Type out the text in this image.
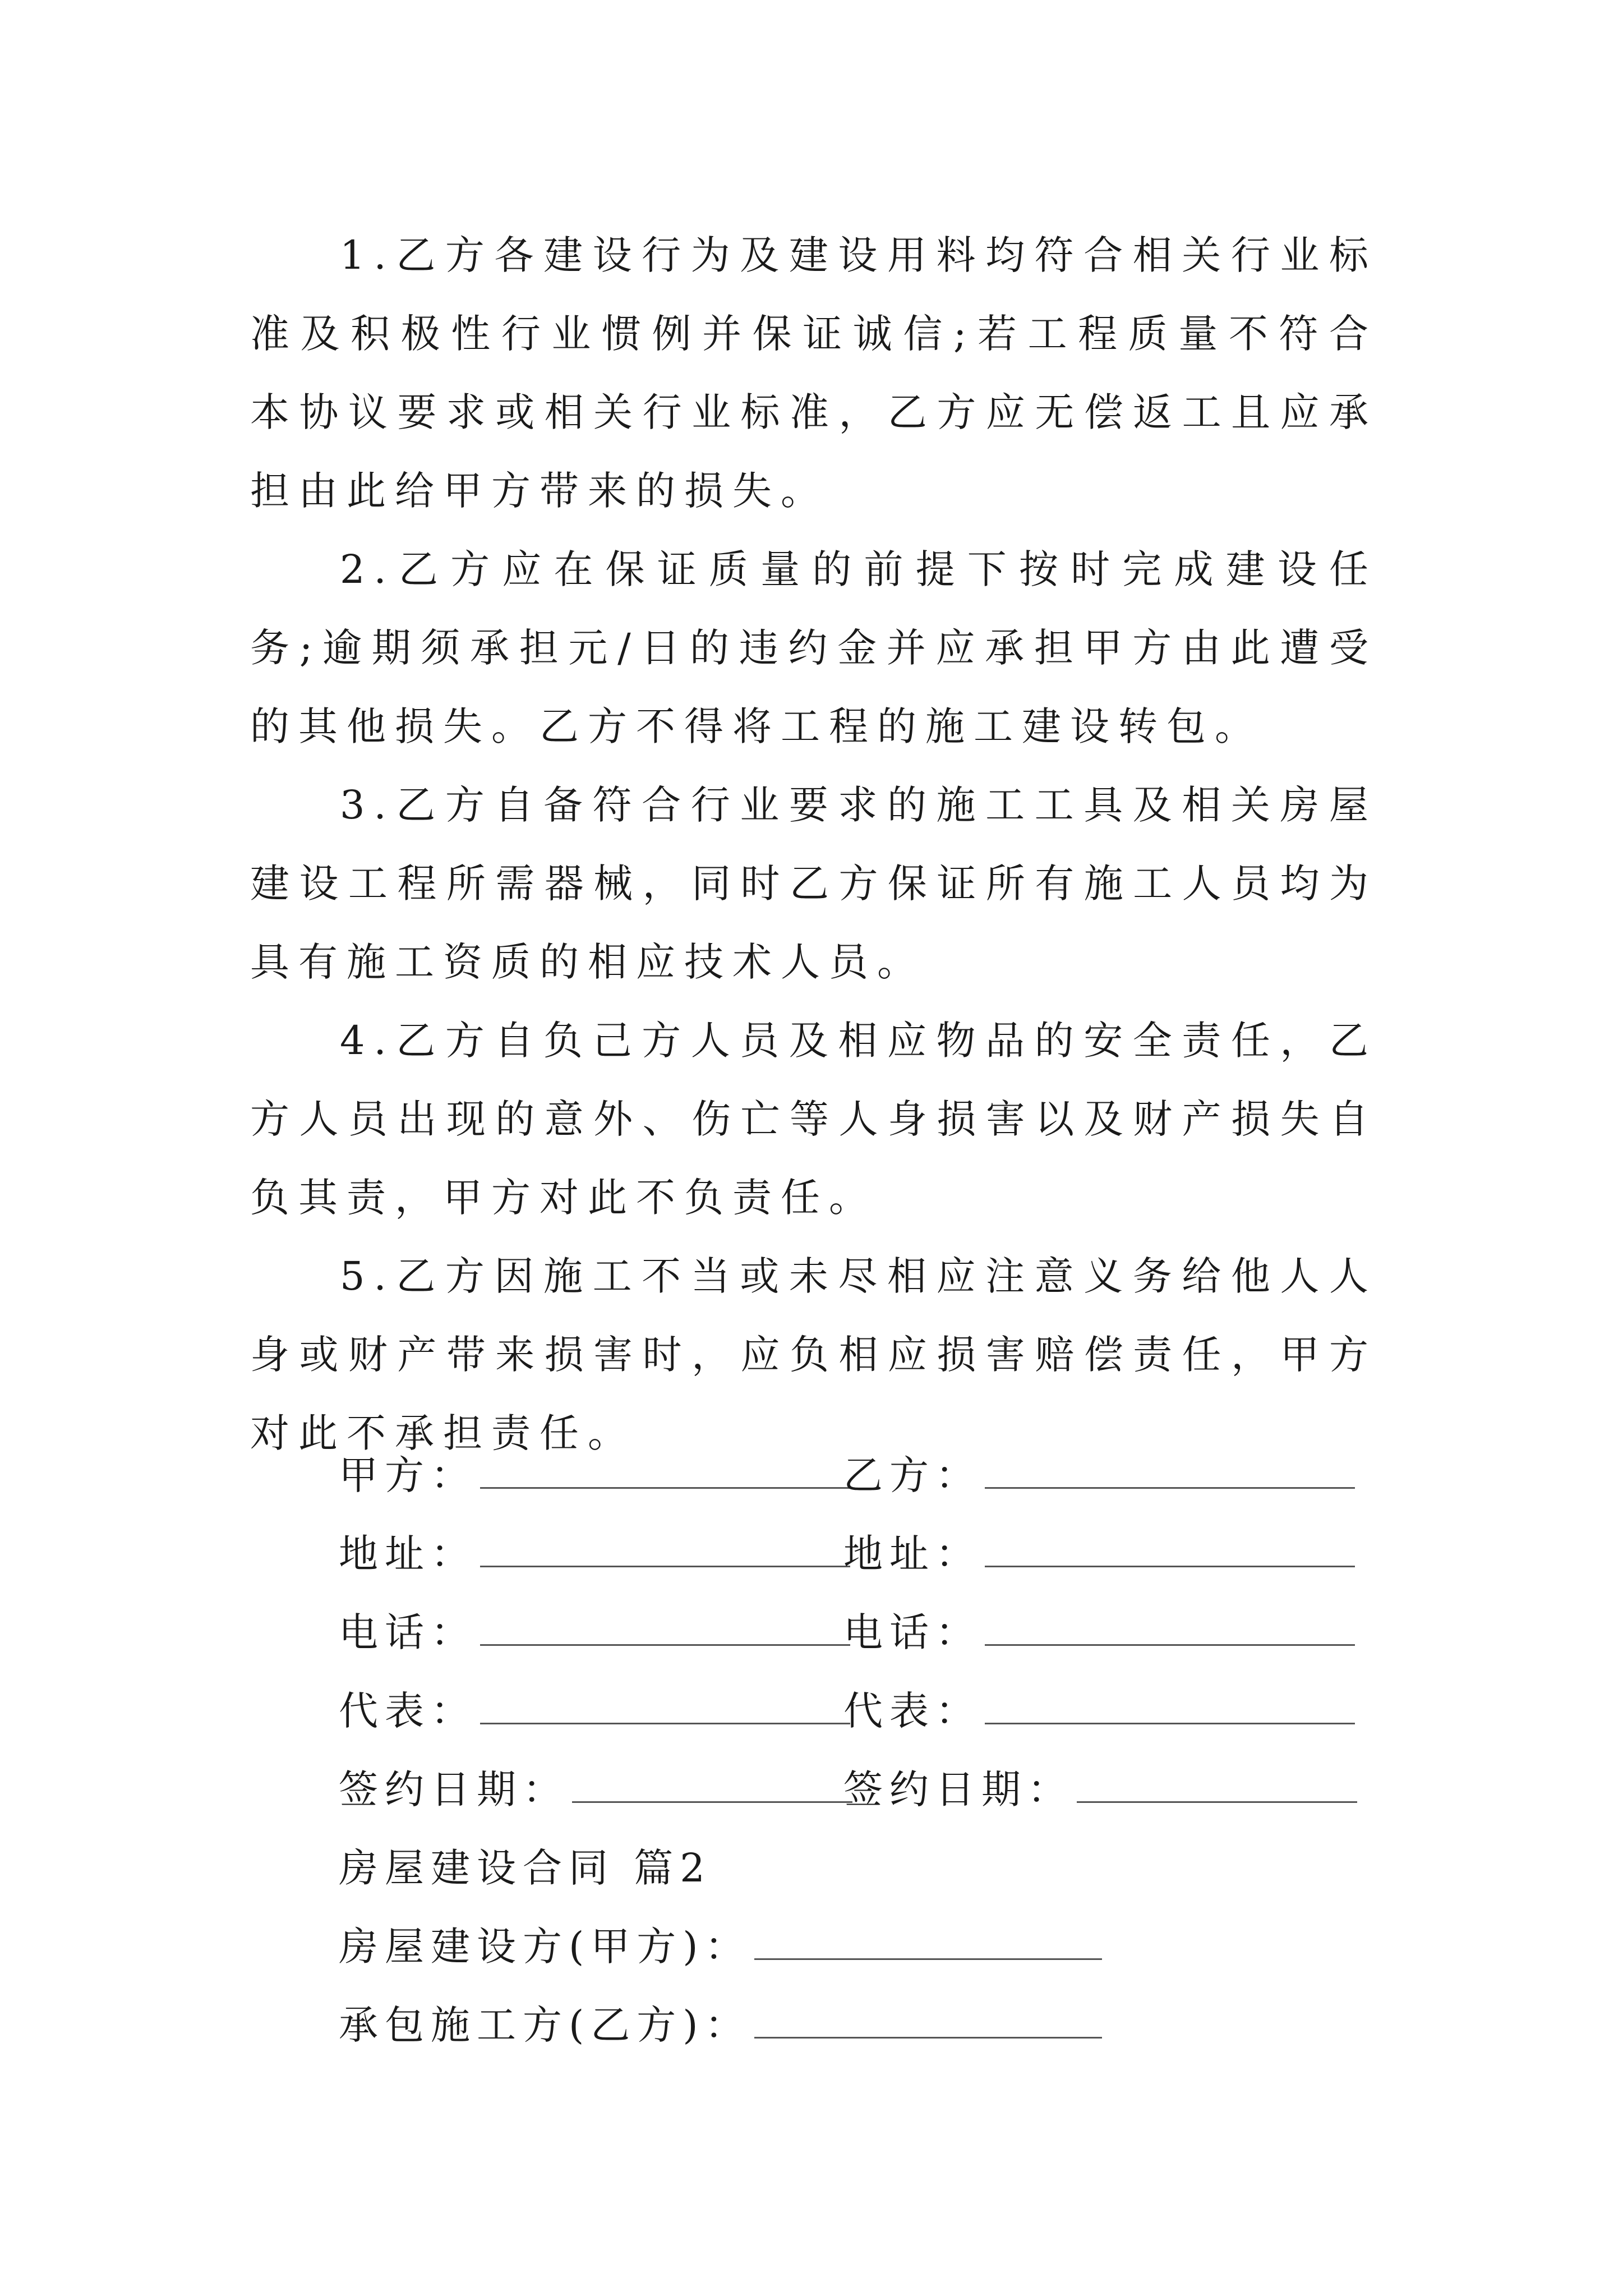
1.乙方各建设行为及建设用料均符合相关行业标准及积极性行业惯例并保证诚信;若工程质量不符合本协议要求或相关行业标准，乙方应无偿返工且应承担由此给甲方带来的损失。

2.乙方应在保证质量的前提下按时完成建设任务;逾期须承担元/日的违约金并应承担甲方由此遭受的其他损失。乙方不得将工程的施工建设转包。

3.乙方自备符合行业要求的施工工具及相关房屋建设工程所需器械，同时乙方保证所有施工人员均为具有施工资质的相应技术人员。

4.乙方自负己方人员及相应物品的安全责任，乙方人员出现的意外、伤亡等人身损害以及财产损失自负其责，甲方对此不负责任。

5.乙方因施工不当或未尽相应注意义务给他人人身或财产带来损害时，应负相应损害赔偿责任，甲方对此不承担责任。

甲方：	乙方：
地址：	地址：
电话：	电话：
代表：	代表：
签约日期：	签约日期：
房屋建设合同 篇2
房屋建设方(甲方)：
承包施工方(乙方)：
